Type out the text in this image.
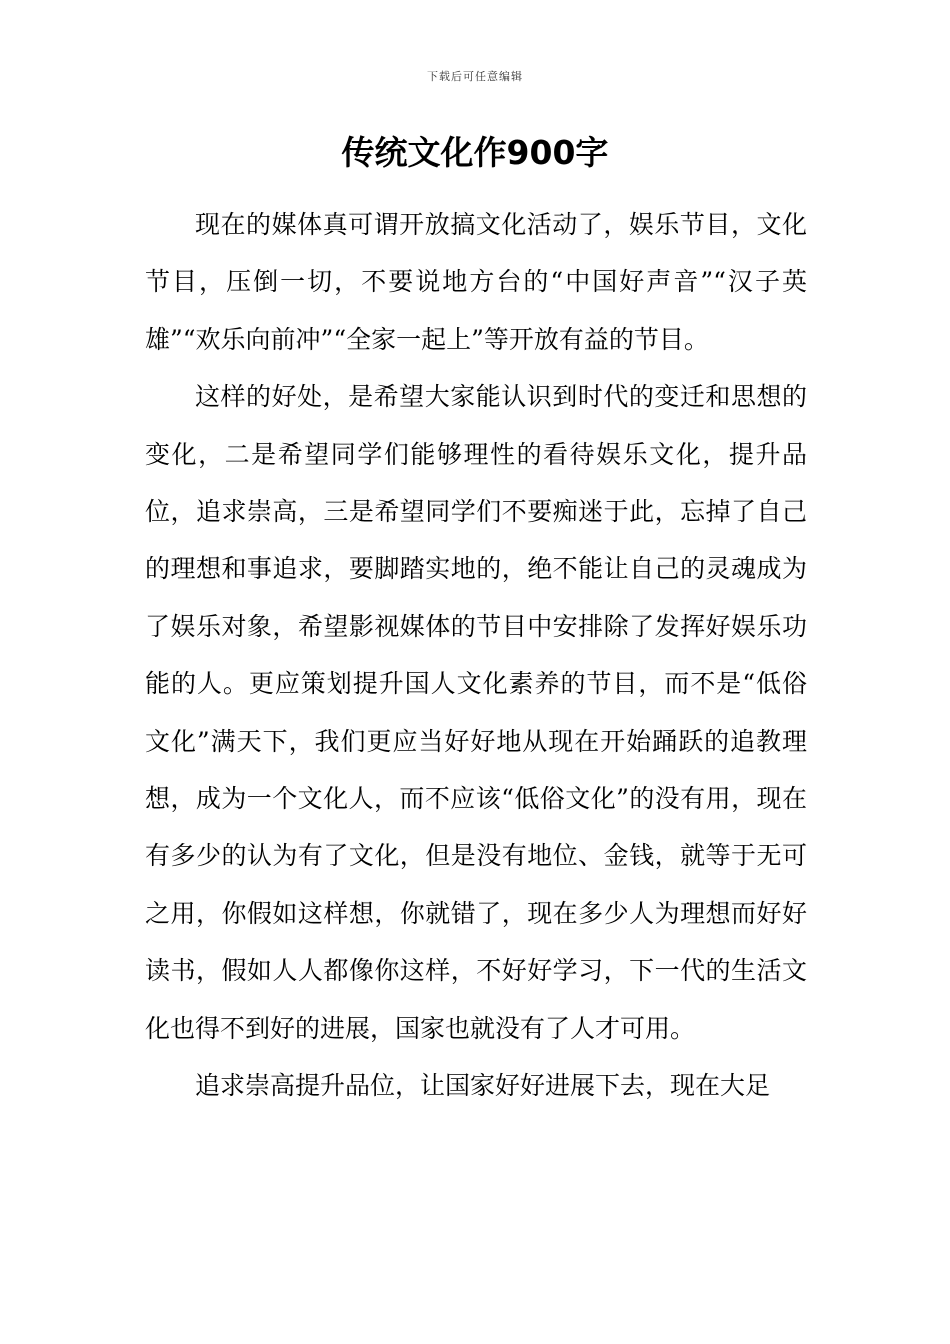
下载后可任意编辑
传统文化作900字

现在的媒体真可谓开放搞文化活动了，娱乐节目，文化节目，压倒一切，不要说地方台的“中国好声音”“汉子英雄”“欢乐向前冲”“全家一起上”等开放有益的节目。

这样的好处，是希望大家能认识到时代的变迁和思想的变化，二是希望同学们能够理性的看待娱乐文化，提升品位，追求崇高，三是希望同学们不要痴迷于此，忘掉了自己的理想和事追求，要脚踏实地的，绝不能让自己的灵魂成为了娱乐对象，希望影视媒体的节目中安排除了发挥好娱乐功能的人。更应策划提升国人文化素养的节目，而不是“低俗文化”满天下，我们更应当好好地从现在开始踊跃的追教理想，成为一个文化人，而不应该“低俗文化”的没有用，现在有多少的认为有了文化，但是没有地位、金钱，就等于无可之用，你假如这样想，你就错了，现在多少人为理想而好好读书，假如人人都像你这样，不好好学习，下一代的生活文化也得不到好的进展，国家也就没有了人才可用。

追求崇高提升品位，让国家好好进展下去，现在大足
